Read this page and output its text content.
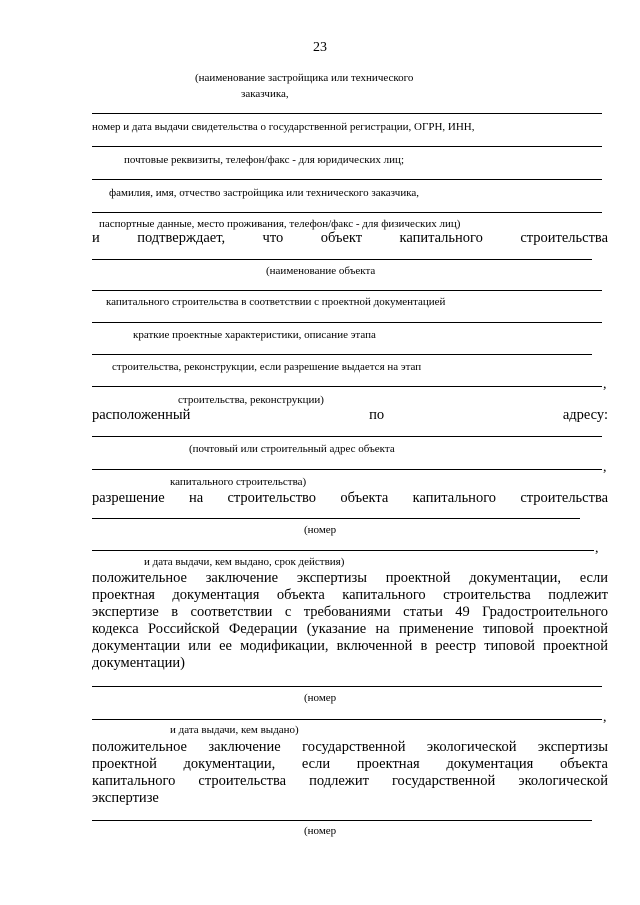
23
(наименование застройщика или технического
заказчика,
номер и дата выдачи свидетельства о государственной регистрации, ОГРН, ИНН,
почтовые реквизиты, телефон/факс - для юридических лиц;
фамилия, имя, отчество застройщика или технического заказчика,
паспортные данные, место проживания, телефон/факс - для физических лиц)
и	подтверждает,	что	объект	капитального	строительства
(наименование объекта
капитального строительства в соответствии с проектной документацией
краткие проектные характеристики, описание этапа
строительства, реконструкции, если разрешение выдается на этап
,
строительства, реконструкции)
расположенный	по	адресу:
(почтовый или строительный адрес объекта
,
капитального строительства)
разрешение на строительство объекта капитального строительства
(номер
,
и дата выдачи, кем выдано, срок действия)
положительное заключение экспертизы проектной документации, если
проектная документация объекта капитального строительства подлежит
экспертизе в соответствии с требованиями статьи 49 Градостроительного
кодекса Российской Федерации (указание на применение типовой проектной
документации или ее модификации, включенной в реестр типовой проектной
документации)
(номер
,
и дата выдачи, кем выдано)
положительное заключение государственной экологической экспертизы
проектной документации, если проектная документация объекта
капитального строительства подлежит государственной экологической
экспертизе
(номер
